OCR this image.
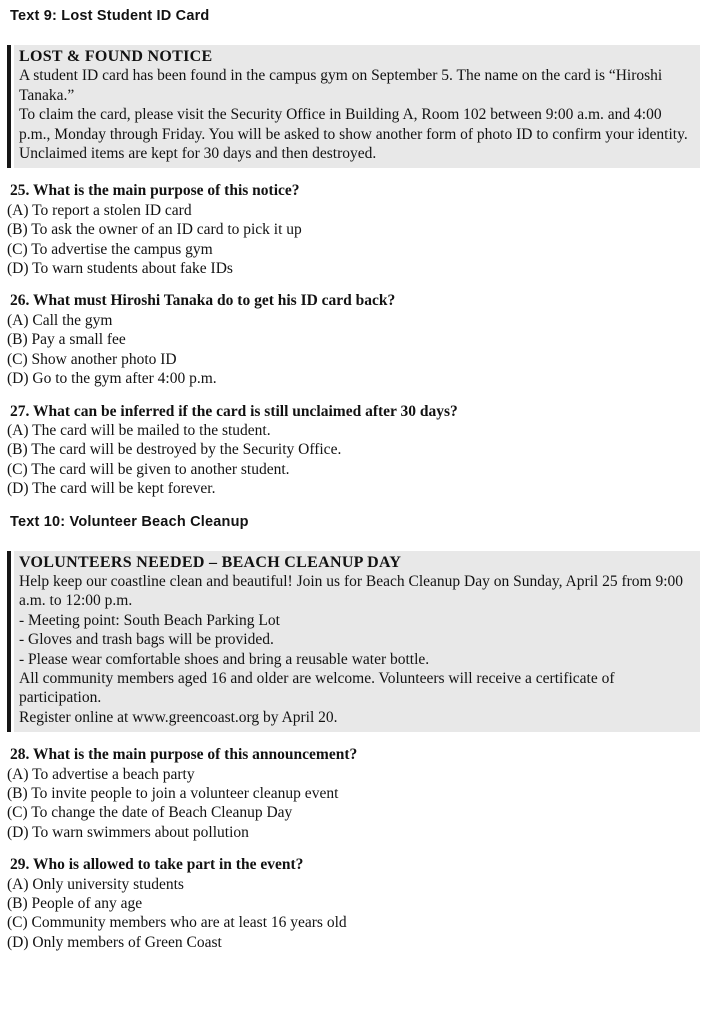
Text 9: Lost Student ID Card

LOST & FOUND NOTICE

A student ID card has been found in the campus gym on September 5. The name on the card is “Hiroshi Tanaka.”

To claim the card, please visit the Security Office in Building A, Room 102 between 9:00 a.m. and 4:00 p.m., Monday through Friday. You will be asked to show another form of photo ID to confirm your identity.

Unclaimed items are kept for 30 days and then destroyed.

25. What is the main purpose of this notice?

(A) To report a stolen ID card

(B) To ask the owner of an ID card to pick it up

(C) To advertise the campus gym

(D) To warn students about fake IDs

26. What must Hiroshi Tanaka do to get his ID card back?

(A) Call the gym

(B) Pay a small fee

(C) Show another photo ID

(D) Go to the gym after 4:00 p.m.

27. What can be inferred if the card is still unclaimed after 30 days?

(A) The card will be mailed to the student.

(B) The card will be destroyed by the Security Office.

(C) The card will be given to another student.

(D) The card will be kept forever.

Text 10: Volunteer Beach Cleanup

VOLUNTEERS NEEDED – BEACH CLEANUP DAY

Help keep our coastline clean and beautiful! Join us for Beach Cleanup Day on Sunday, April 25 from 9:00 a.m. to 12:00 p.m.

- Meeting point: South Beach Parking Lot

- Gloves and trash bags will be provided.

- Please wear comfortable shoes and bring a reusable water bottle.

All community members aged 16 and older are welcome. Volunteers will receive a certificate of participation.

Register online at www.greencoast.org by April 20.

28. What is the main purpose of this announcement?

(A) To advertise a beach party

(B) To invite people to join a volunteer cleanup event

(C) To change the date of Beach Cleanup Day

(D) To warn swimmers about pollution

29. Who is allowed to take part in the event?

(A) Only university students

(B) People of any age

(C) Community members who are at least 16 years old

(D) Only members of Green Coast
